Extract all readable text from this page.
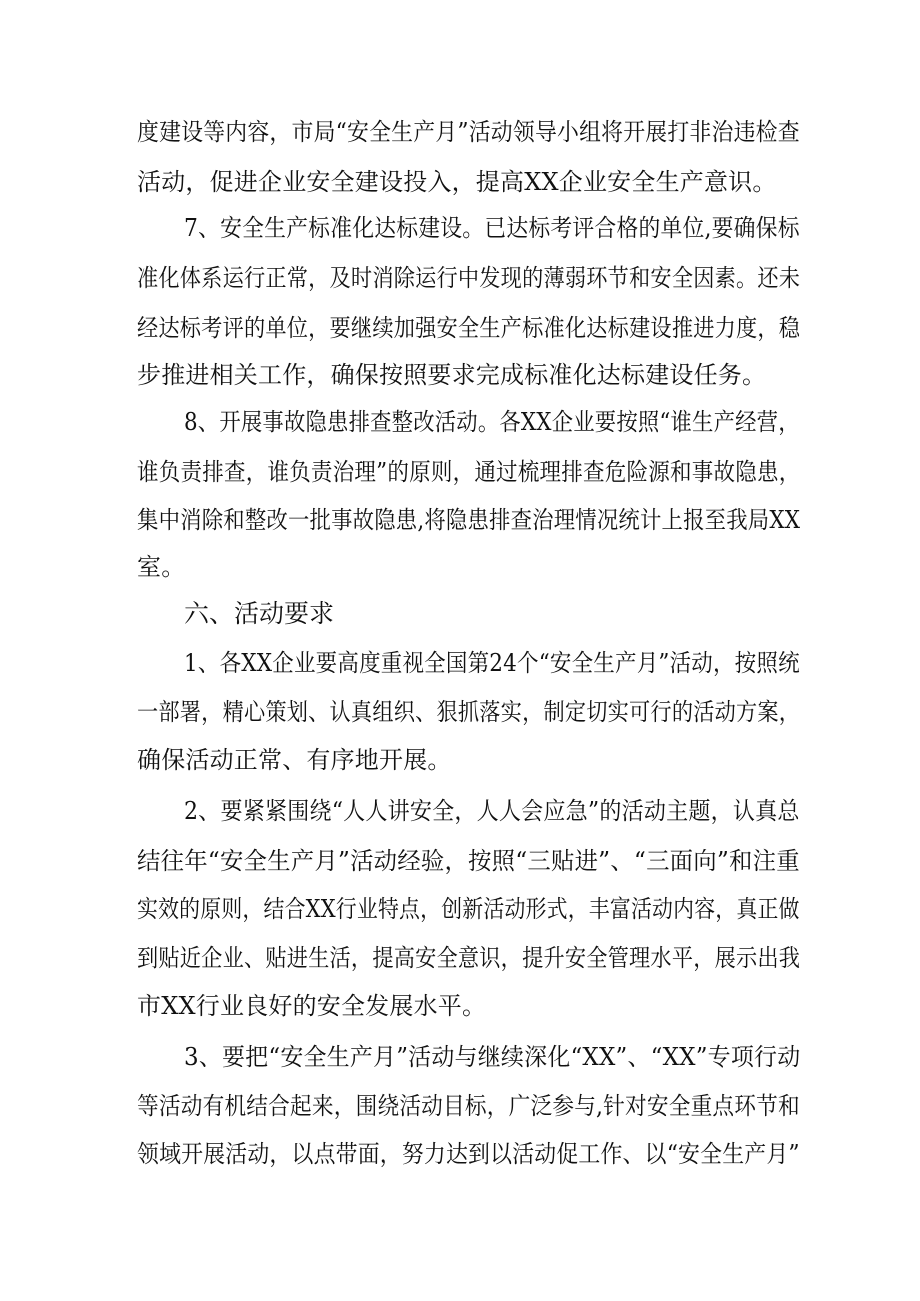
度建设等内容，市局“安全生产月”活动领导小组将开展打非治违检查
活动，促进企业安全建设投入，提高XX企业安全生产意识。
7、安全生产标准化达标建设。已达标考评合格的单位,要确保标
准化体系运行正常，及时消除运行中发现的薄弱环节和安全因素。还未
经达标考评的单位，要继续加强安全生产标准化达标建设推进力度，稳
步推进相关工作，确保按照要求完成标准化达标建设任务。
8、开展事故隐患排查整改活动。各XX企业要按照“谁生产经营，
谁负责排查，谁负责治理”的原则，通过梳理排查危险源和事故隐患，
集中消除和整改一批事故隐患,将隐患排查治理情况统计上报至我局XX
室。
六、活动要求
1、各XX企业要高度重视全国第24个“安全生产月”活动，按照统
一部署，精心策划、认真组织、狠抓落实，制定切实可行的活动方案，
确保活动正常、有序地开展。
2、要紧紧围绕“人人讲安全，人人会应急”的活动主题，认真总
结往年“安全生产月”活动经验，按照“三贴进”、“三面向”和注重
实效的原则，结合XX行业特点，创新活动形式，丰富活动内容，真正做
到贴近企业、贴进生活，提高安全意识，提升安全管理水平，展示出我
市XX行业良好的安全发展水平。
3、要把“安全生产月”活动与继续深化“XX”、“XX”专项行动
等活动有机结合起来，围绕活动目标，广泛参与,针对安全重点环节和
领域开展活动，以点带面，努力达到以活动促工作、以“安全生产月”
